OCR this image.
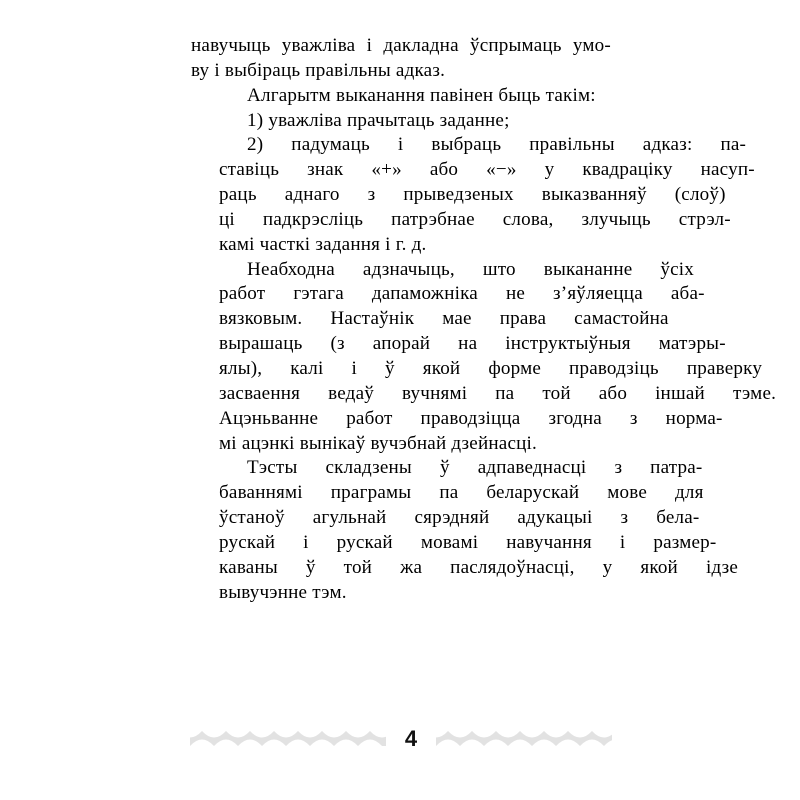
навучыць уважліва і дакладна ўспрымаць умо-
ву і выбіраць правільны адказ.

Алгарытм выканання павінен быць такім:

1) уважліва прачытаць заданне;

2)	падумаць	і	выбраць	правільны	адказ:	па-
ставіць	знак	«+»	або	«−»	у	квадраціку	насуп-
раць	аднаго	з	прыведзеных	выказванняў	(слоў)
ці	падкрэсліць	патрэбнае	слова,	злучыць	стрэл-
камі часткі задання і г. д.

Неабходна	адзначыць,	што	выкананне	ўсіх
работ	гэтага	дапаможніка	не	з’яўляецца	аба-
вязковым.	Настаўнік	мае	права	самастойна
вырашаць	(з	апорай	на	інструктыўныя	матэры-
ялы),	калі	і	ў	якой	форме	праводзіць	праверку
засваення	ведаў	вучнямі	па	той	або	іншай	тэме.
Ацэньванне	работ	праводзіцца	згодна	з	норма-
мі ацэнкі вынікаў вучэбнай дзейнасці.

Тэсты	складзены	ў	адпаведнасці	з	патра-
баваннямі	праграмы	па	беларускай	мове	для
ўстаноў	агульнай	сярэдняй	адукацыі	з	бела-
рускай	і	рускай	мовамі	навучання	і	размер-
каваны	ў	той	жа	паслядоўнасці,	у	якой	ідзе
вывучэнне тэм.

4
